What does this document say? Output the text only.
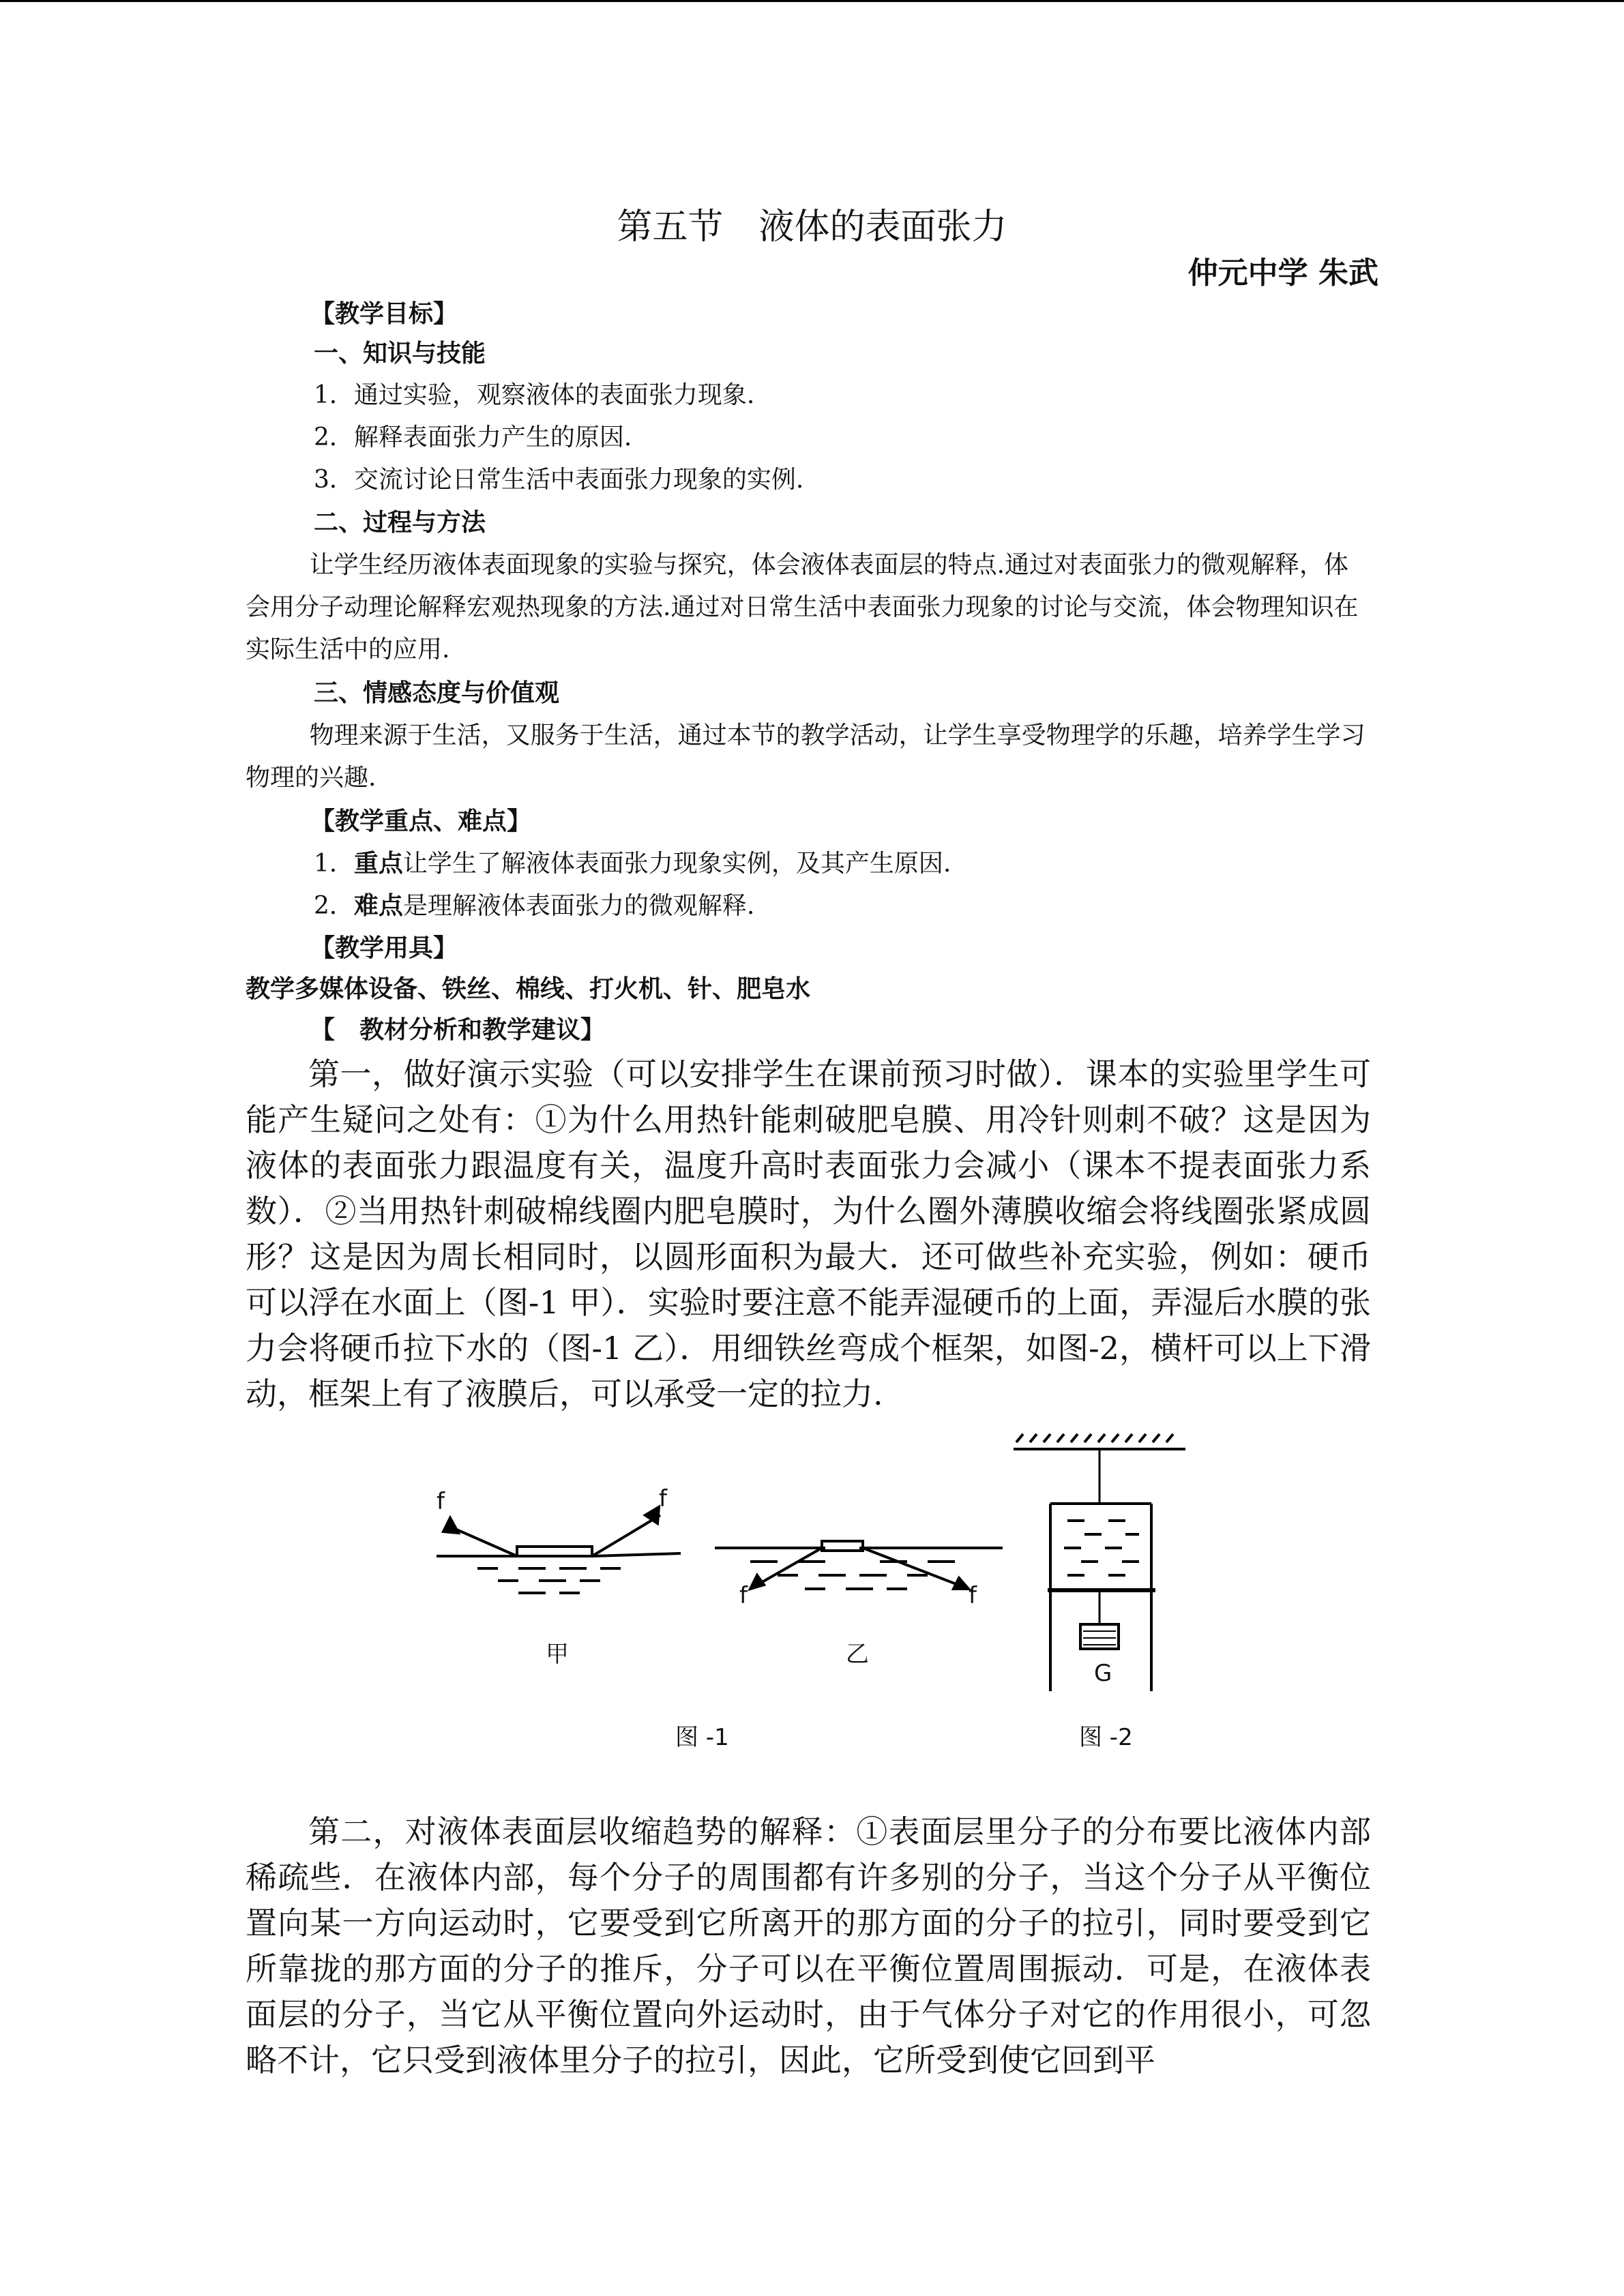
第五节　液体的表面张力
仲元中学 朱武
【教学目标】
一、知识与技能
1．通过实验，观察液体的表面张力现象.
2．解释表面张力产生的原因.
3．交流讨论日常生活中表面张力现象的实例.
二、过程与方法
让学生经历液体表面现象的实验与探究，体会液体表面层的特点.通过对表面张力的微观解释，体会用分子动理论解释宏观热现象的方法.通过对日常生活中表面张力现象的讨论与交流，体会物理知识在实际生活中的应用.
三、情感态度与价值观
物理来源于生活，又服务于生活，通过本节的教学活动，让学生享受物理学的乐趣，培养学生学习物理的兴趣.
【教学重点、难点】
1．重点让学生了解液体表面张力现象实例，及其产生原因.
2．难点是理解液体表面张力的微观解释.
【教学用具】
教学多媒体设备、铁丝、棉线、打火机、针、肥皂水
【　教材分析和教学建议】
第一，做好演示实验（可以安排学生在课前预习时做）．课本的实验里学生可能产生疑问之处有：①为什么用热针能刺破肥皂膜、用冷针则刺不破？这是因为液体的表面张力跟温度有关，温度升高时表面张力会减小（课本不提表面张力系数）．②当用热针刺破棉线圈内肥皂膜时，为什么圈外薄膜收缩会将线圈张紧成圆形？这是因为周长相同时，以圆形面积为最大．还可做些补充实验，例如：硬币可以浮在水面上（图-1 甲）．实验时要注意不能弄湿硬币的上面，弄湿后水膜的张力会将硬币拉下水的（图-1 乙）．用细铁丝弯成个框架，如图-2，横杆可以上下滑动，框架上有了液膜后，可以承受一定的拉力.
f	f
f	f
甲	乙
G
图 -1	图 -2
第二，对液体表面层收缩趋势的解释：①表面层里分子的分布要比液体内部稀疏些．在液体内部，每个分子的周围都有许多别的分子，当这个分子从平衡位置向某一方向运动时，它要受到它所离开的那方面的分子的拉引，同时要受到它所靠拢的那方面的分子的推斥，分子可以在平衡位置周围振动．可是，在液体表面层的分子，当它从平衡位置向外运动时，由于气体分子对它的作用很小，可忽略不计，它只受到液体里分子的拉引，因此，它所受到使它回到平
